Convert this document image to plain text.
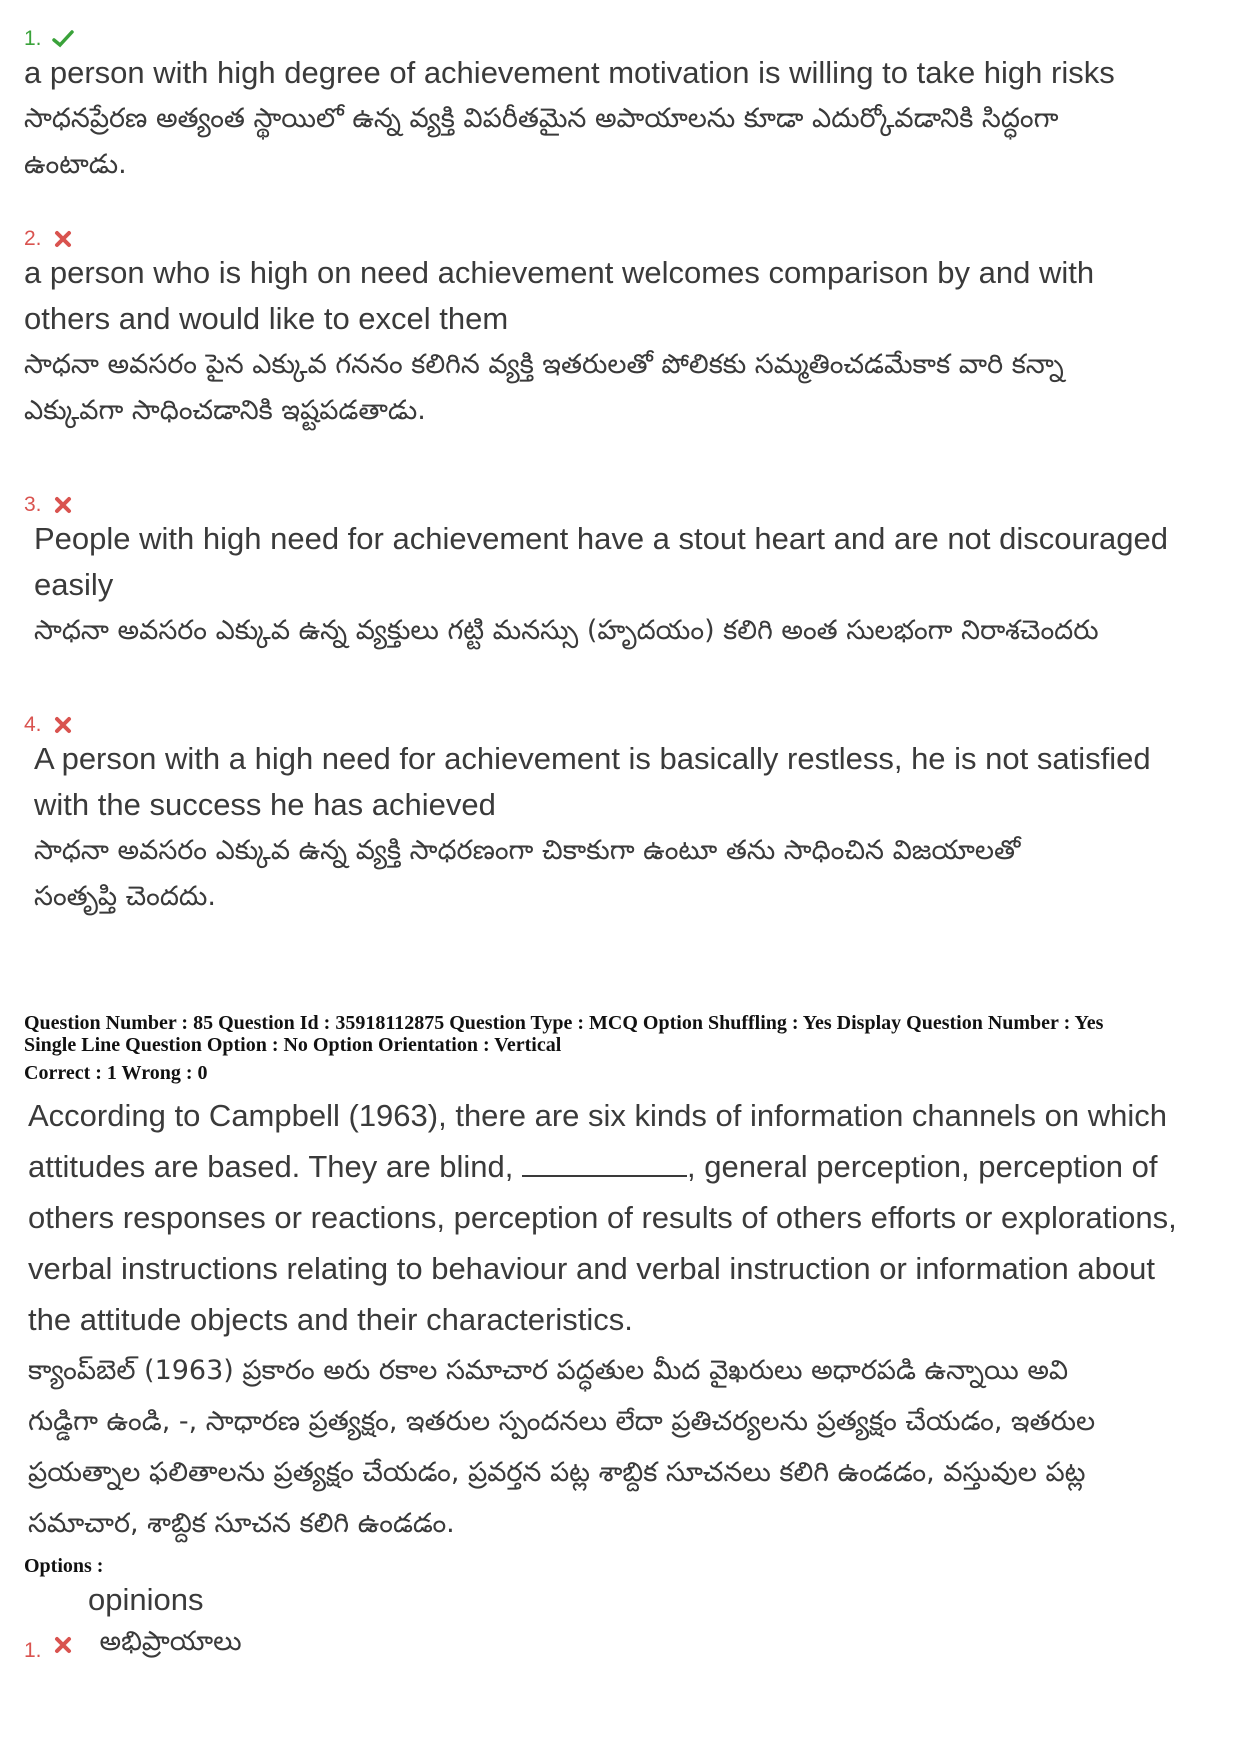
1.
a person with high degree of achievement motivation is willing to take high risks
సాధనప్రేరణ అత్యంత స్థాయిలో ఉన్న వ్యక్తి విపరీతమైన అపాయాలను కూడా ఎదుర్కోవడానికి సిద్ధంగా
ఉంటాడు.
2.
a person who is high on need achievement welcomes comparison by and with
others and would like to excel them
సాధనా అవసరం పైన ఎక్కువ గననం కలిగిన వ్యక్తి ఇతరులతో పోలికకు సమ్మతించడమేకాక వారి కన్నా
ఎక్కువగా సాధించడానికి ఇష్టపడతాడు.
3.
People with high need for achievement have a stout heart and are not discouraged
easily
సాధనా అవసరం ఎక్కువ ఉన్న వ్యక్తులు గట్టి మనస్సు (హృదయం) కలిగి అంత సులభంగా నిరాశచెందరు
4.
A person with a high need for achievement is basically restless, he is not satisfied
with the success he has achieved
సాధనా అవసరం ఎక్కువ ఉన్న వ్యక్తి సాధరణంగా చికాకుగా ఉంటూ తను సాధించిన విజయాలతో
సంతృప్తి చెందదు.
Question Number : 85 Question Id : 35918112875 Question Type : MCQ Option Shuffling : Yes Display Question Number : Yes
Single Line Question Option : No Option Orientation : Vertical
Correct : 1 Wrong : 0
According to Campbell (1963), there are six kinds of information channels on which
attitudes are based. They are blind,	, general perception, perception of
others responses or reactions, perception of results of others efforts or explorations,
verbal instructions relating to behaviour and verbal instruction or information about
the attitude objects and their characteristics.
క్యాంప్‌బెల్ (1963) ప్రకారం అరు రకాల సమాచార పద్ధతుల మీద వైఖరులు అధారపడి ఉన్నాయి అవి
గుడ్డిగా ఉండి, -, సాధారణ ప్రత్యక్షం, ఇతరుల స్పందనలు లేదా ప్రతిచర్యలను ప్రత్యక్షం చేయడం, ఇతరుల
ప్రయత్నాల ఫలితాలను ప్రత్యక్షం చేయడం, ప్రవర్తన పట్ల శాబ్దిక సూచనలు కలిగి ఉండడం, వస్తువుల పట్ల
సమాచార, శాబ్దిక సూచన కలిగి ఉండడం.
Options :
opinions
1. అభిప్రాయాలు
